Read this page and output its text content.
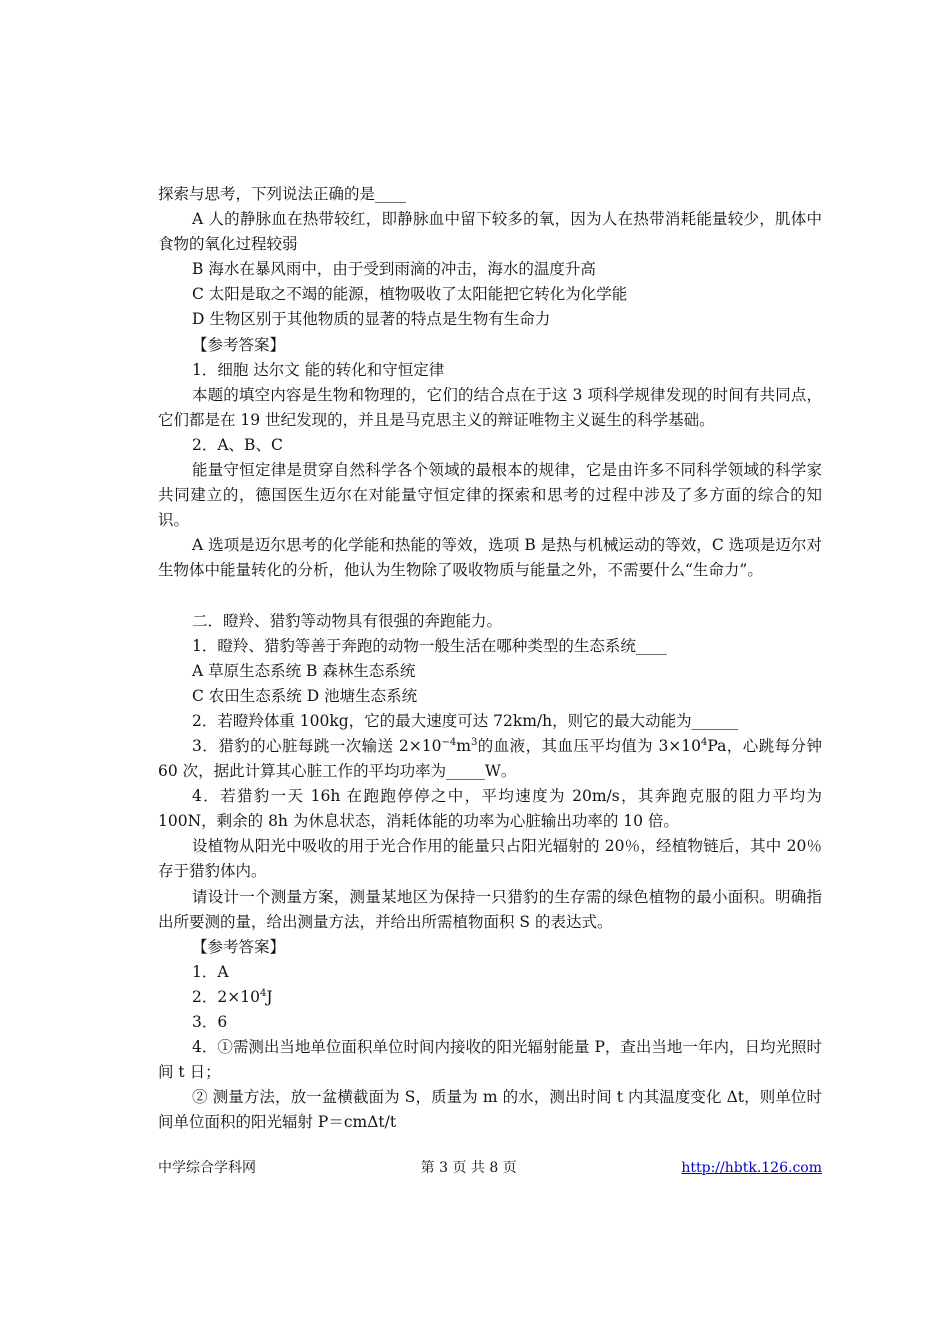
探索与思考，下列说法正确的是____
A 人的静脉血在热带较红，即静脉血中留下较多的氧，因为人在热带消耗能量较少，肌体中食物的氧化过程较弱
B 海水在暴风雨中，由于受到雨滴的冲击，海水的温度升高
C 太阳是取之不竭的能源，植物吸收了太阳能把它转化为化学能
D 生物区别于其他物质的显著的特点是生物有生命力
【参考答案】
1．细胞 达尔文 能的转化和守恒定律
本题的填空内容是生物和物理的，它们的结合点在于这 3 项科学规律发现的时间有共同点，它们都是在 19 世纪发现的，并且是马克思主义的辩证唯物主义诞生的科学基础。
2．A、B、C
能量守恒定律是贯穿自然科学各个领域的最根本的规律，它是由许多不同科学领域的科学家共同建立的，德国医生迈尔在对能量守恒定律的探索和思考的过程中涉及了多方面的综合的知识。
A 选项是迈尔思考的化学能和热能的等效，选项 B 是热与机械运动的等效，C 选项是迈尔对生物体中能量转化的分析，他认为生物除了吸收物质与能量之外，不需要什么“生命力”。
二．瞪羚、猎豹等动物具有很强的奔跑能力。
1．瞪羚、猎豹等善于奔跑的动物一般生活在哪种类型的生态系统____
A 草原生态系统 B 森林生态系统
C 农田生态系统 D 池塘生态系统
2．若瞪羚体重 100kg，它的最大速度可达 72km/h，则它的最大动能为______
3．猎豹的心脏每跳一次输送 $2\times 10^{-4}m^3$的血液，其血压平均值为 $3\times 10^4Pa$，心跳每分钟 60 次，据此计算其心脏工作的平均功率为_____W。
4．若猎豹一天 16h 在跑跑停停之中，平均速度为 20m/s，其奔跑克服的阻力平均为 100N，剩余的 8h 为休息状态，消耗体能的功率为心脏输出功率的 10 倍。
设植物从阳光中吸收的用于光合作用的能量只占阳光辐射的 20％，经植物链后，其中 20％存于猎豹体内。
请设计一个测量方案，测量某地区为保持一只猎豹的生存需的绿色植物的最小面积。明确指出所要测的量，给出测量方法，并给出所需植物面积 S 的表达式。
【参考答案】
1．A
2．$2\times 10^4J$
3．6
4．①需测出当地单位面积单位时间内接收的阳光辐射能量 P，查出当地一年内，日均光照时间 t 日；
② 测量方法，放一盆横截面为 S，质量为 m 的水，测出时间 t 内其温度变化 Δt，则单位时间单位面积的阳光辐射 P＝cmΔt/t
中学综合学科网	第 3 页 共 8 页	http://hbtk.126.com
